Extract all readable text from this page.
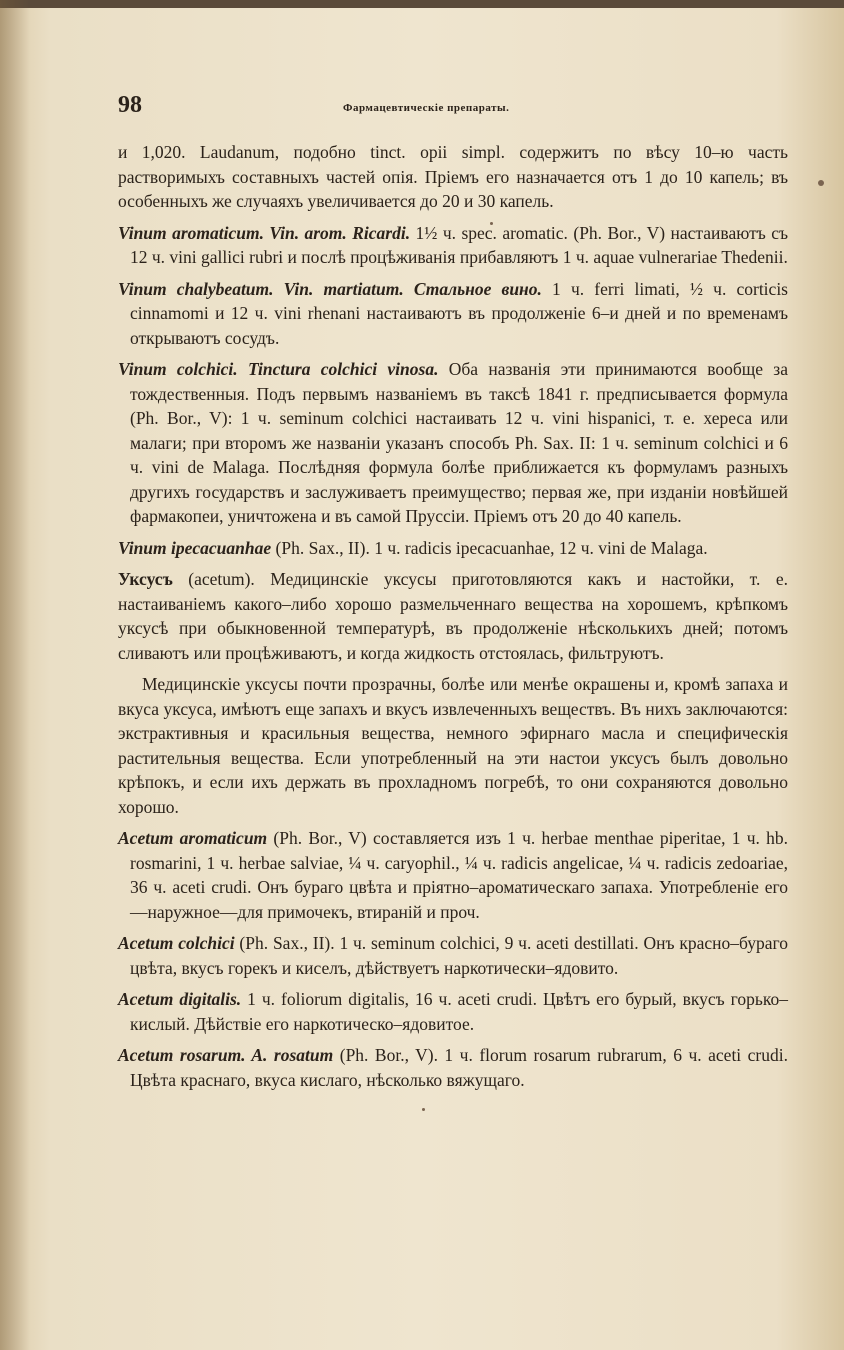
98	Фармацевтическіе препараты.

и 1,020. Laudanum, подобно tinct. opii simpl. содержитъ по вѣсу 10–ю часть растворимыхъ составныхъ частей опія. Пріемъ его назначается отъ 1 до 10 капель; въ особенныхъ же случаяхъ увеличивается до 20 и 30 капель.

Vinum aromaticum. Vin. arom. Ricardi. 1½ ч. spec. aromatic. (Ph. Bor., V) настаиваютъ съ 12 ч. vini gallici rubri и послѣ процѣживанія прибавляютъ 1 ч. aquae vulnerariae Thedenii.

Vinum chalybeatum. Vin. martiatum. Стальное вино. 1 ч. ferri limati, ½ ч. corticis cinnamomi и 12 ч. vini rhenani настаиваютъ въ продолженіе 6–и дней и по временамъ открываютъ сосудъ.

Vinum colchici. Tinctura colchici vinosa. Оба названія эти принимаются вообще за тождественныя. Подъ первымъ названіемъ въ таксѣ 1841 г. предписывается формула (Ph. Bor., V): 1 ч. seminum colchici настаивать 12 ч. vini hispanici, т. е. хереса или малаги; при второмъ же названіи указанъ способъ Ph. Sax. II: 1 ч. seminum colchici и 6 ч. vini de Malaga. Послѣдняя формула болѣе приближается къ формуламъ разныхъ другихъ государствъ и заслуживаетъ преимущество; первая же, при изданіи новѣйшей фармакопеи, уничтожена и въ самой Пруссіи. Пріемъ отъ 20 до 40 капель.

Vinum ipecacuanhae (Ph. Sax., II). 1 ч. radicis ipecacuanhae, 12 ч. vini de Malaga.

Уксусъ (acetum). Медицинскіе уксусы приготовляются какъ и настойки, т. е. настаиваніемъ какого–либо хорошо размельченнаго вещества на хорошемъ, крѣпкомъ уксусѣ при обыкновенной температурѣ, въ продолженіе нѣсколькихъ дней; потомъ сливаютъ или процѣживаютъ, и когда жидкость отстоялась, фильтруютъ.

Медицинскіе уксусы почти прозрачны, болѣе или менѣе окрашены и, кромѣ запаха и вкуса уксуса, имѣютъ еще запахъ и вкусъ извлеченныхъ веществъ. Въ нихъ заключаются: экстрактивныя и красильныя вещества, немного эфирнаго масла и специфическія растительныя вещества. Если употребленный на эти настои уксусъ былъ довольно крѣпокъ, и если ихъ держать въ прохладномъ погребѣ, то они сохраняются довольно хорошо.

Acetum aromaticum (Ph. Bor., V) составляется изъ 1 ч. herbae menthae piperitae, 1 ч. hb. rosmarini, 1 ч. herbae salviae, ¼ ч. caryophil., ¼ ч. radicis angelicae, ¼ ч. radicis zedoariae, 36 ч. aceti crudi. Онъ бураго цвѣта и пріятно–ароматическаго запаха. Употребленіе его—наружное—для примочекъ, втираній и проч.

Acetum colchici (Ph. Sax., II). 1 ч. seminum colchici, 9 ч. aceti destillati. Онъ красно–бураго цвѣта, вкусъ горекъ и киселъ, дѣйствуетъ наркотически–ядовито.

Acetum digitalis. 1 ч. foliorum digitalis, 16 ч. aceti crudi. Цвѣтъ его бурый, вкусъ горько–кислый. Дѣйствіе его наркотическо–ядовитое.

Acetum rosarum. A. rosatum (Ph. Bor., V). 1 ч. florum rosarum rubrarum, 6 ч. aceti crudi. Цвѣта краснаго, вкуса кислаго, нѣсколько вяжущаго.
